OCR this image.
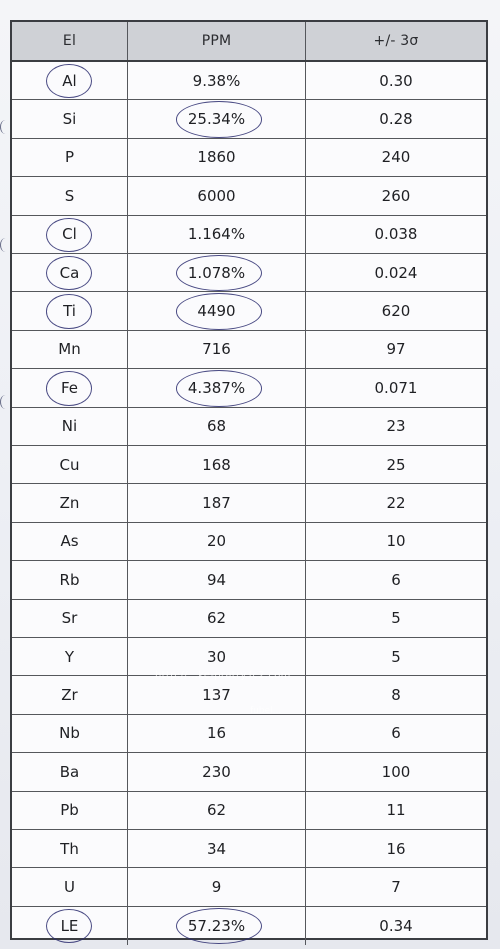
El	PPM	+/- 3σ
Al	9.38%	0.30
Si	25.34%	0.28
P	1860	240
S	6000	260
Cl	1.164%	0.038
Ca	1.078%	0.024
Ti	4490	620
Mn	716	97
Fe	4.387%	0.071
Ni	68	23
Cu	168	25
Zn	187	22
As	20	10
Rb	94	6
Sr	62	5
Y	30	5
Zr	137	8
Nb	16	6
Ba	230	100
Pb	62	11
Th	34	16
U	9	7
LE	57.23%	0.34
http://...ke-pratry.fc2.com
fubel...
